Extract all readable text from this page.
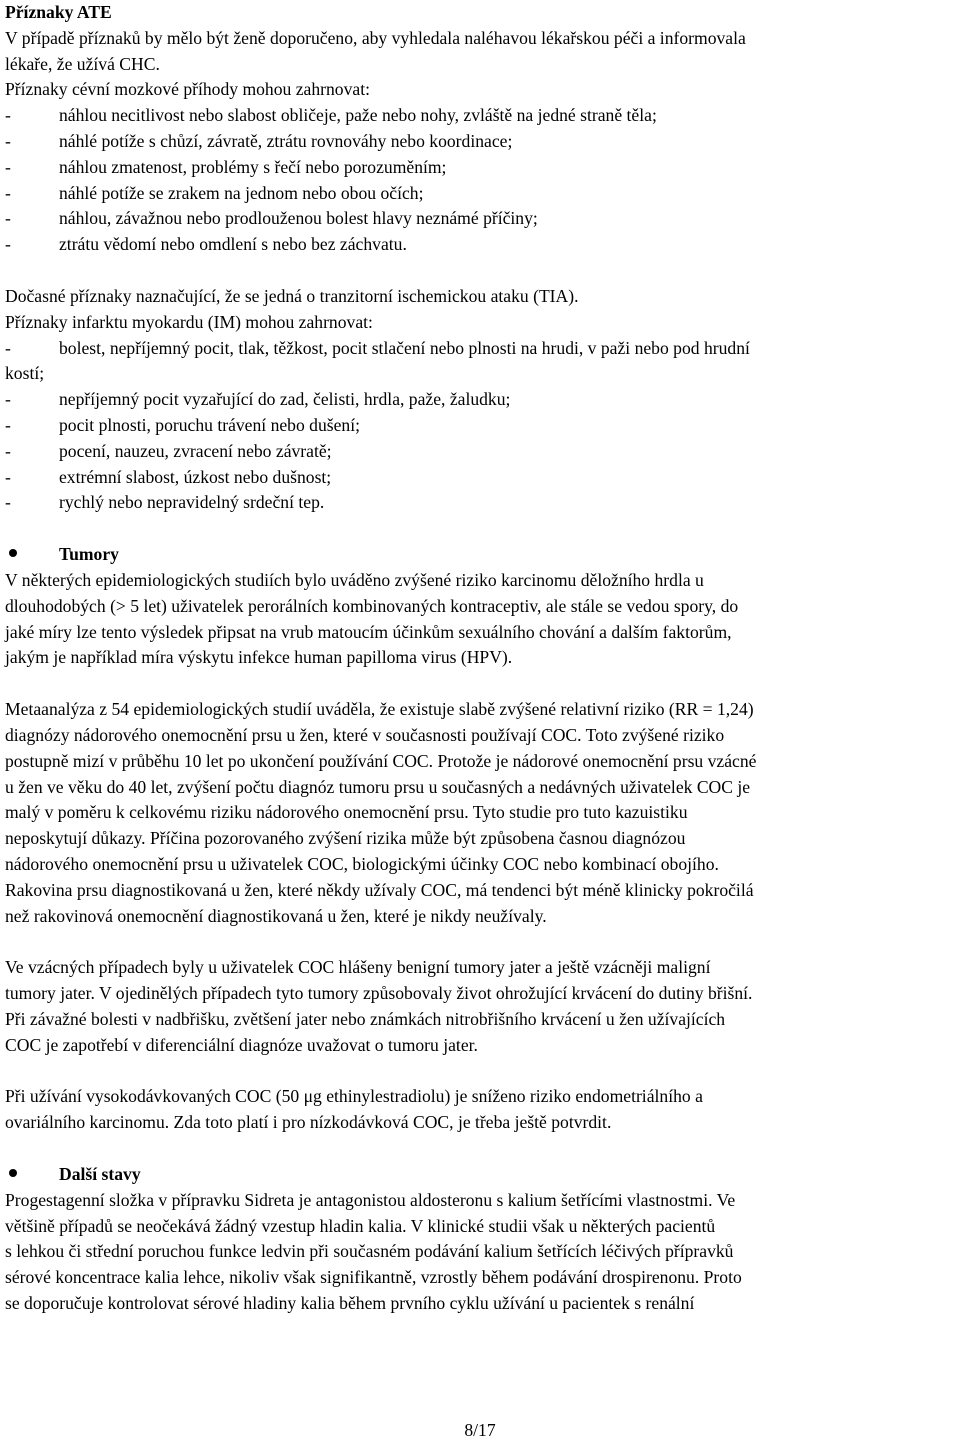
Příznaky ATE
V případě příznaků by mělo být ženě doporučeno, aby vyhledala naléhavou lékařskou péči a informovala
lékaře, že užívá CHC.
Příznaky cévní mozkové příhody mohou zahrnovat:
-	náhlou necitlivost nebo slabost obličeje, paže nebo nohy, zvláště na jedné straně těla;
-	náhlé potíže s chůzí, závratě, ztrátu rovnováhy nebo koordinace;
-	náhlou zmatenost, problémy s řečí nebo porozuměním;
-	náhlé potíže se zrakem na jednom nebo obou očích;
-	náhlou, závažnou nebo prodlouženou bolest hlavy neznámé příčiny;
-	ztrátu vědomí nebo omdlení s nebo bez záchvatu.
Dočasné příznaky naznačující, že se jedná o tranzitorní ischemickou ataku (TIA).
Příznaky infarktu myokardu (IM) mohou zahrnovat:
-	bolest, nepříjemný pocit, tlak, těžkost, pocit stlačení nebo plnosti na hrudi, v paži nebo pod hrudní
kostí;
-	nepříjemný pocit vyzařující do zad, čelisti, hrdla, paže, žaludku;
-	pocit plnosti, poruchu trávení nebo dušení;
-	pocení, nauzeu, zvracení nebo závratě;
-	extrémní slabost, úzkost nebo dušnost;
-	rychlý nebo nepravidelný srdeční tep.
Tumory
V některých epidemiologických studiích bylo uváděno zvýšené riziko karcinomu děložního hrdla u
dlouhodobých (> 5 let) uživatelek perorálních kombinovaných kontraceptiv, ale stále se vedou spory, do
jaké míry lze tento výsledek připsat na vrub matoucím účinkům sexuálního chování a dalším faktorům,
jakým je například míra výskytu infekce human papilloma virus (HPV).
Metaanalýza z 54 epidemiologických studií uváděla, že existuje slabě zvýšené relativní riziko (RR = 1,24)
diagnózy nádorového onemocnění prsu u žen, které v současnosti používají COC. Toto zvýšené riziko
postupně mizí v průběhu 10 let po ukončení používání COC. Protože je nádorové onemocnění prsu vzácné
u žen ve věku do 40 let, zvýšení počtu diagnóz tumoru prsu u současných a nedávných uživatelek COC je
malý v poměru k celkovému riziku nádorového onemocnění prsu. Tyto studie pro tuto kazuistiku
neposkytují důkazy. Příčina pozorovaného zvýšení rizika může být způsobena časnou diagnózou
nádorového onemocnění prsu u uživatelek COC, biologickými účinky COC nebo kombinací obojího.
Rakovina prsu diagnostikovaná u žen, které někdy užívaly COC, má tendenci být méně klinicky pokročilá
než rakovinová onemocnění diagnostikovaná u žen, které je nikdy neužívaly.
Ve vzácných případech byly u uživatelek COC hlášeny benigní tumory jater a ještě vzácněji maligní
tumory jater. V ojedinělých případech tyto tumory způsobovaly život ohrožující krvácení do dutiny břišní.
Při závažné bolesti v nadbřišku, zvětšení jater nebo známkách nitrobřišního krvácení u žen užívajících
COC je zapotřebí v diferenciální diagnóze uvažovat o tumoru jater.
Při užívání vysokodávkovaných COC (50 μg ethinylestradiolu) je sníženo riziko endometriálního a
ovariálního karcinomu. Zda toto platí i pro nízkodávková COC, je třeba ještě potvrdit.
Další stavy
Progestagenní složka v přípravku Sidreta je antagonistou aldosteronu s kalium šetřícími vlastnostmi. Ve
většině případů se neočekává žádný vzestup hladin kalia. V klinické studii však u některých pacientů
s lehkou či střední poruchou funkce ledvin při současném podávání kalium šetřících léčivých přípravků
sérové koncentrace kalia lehce, nikoliv však signifikantně, vzrostly během podávání drospirenonu. Proto
se doporučuje kontrolovat sérové hladiny kalia během prvního cyklu užívání u pacientek s renální
8/17
